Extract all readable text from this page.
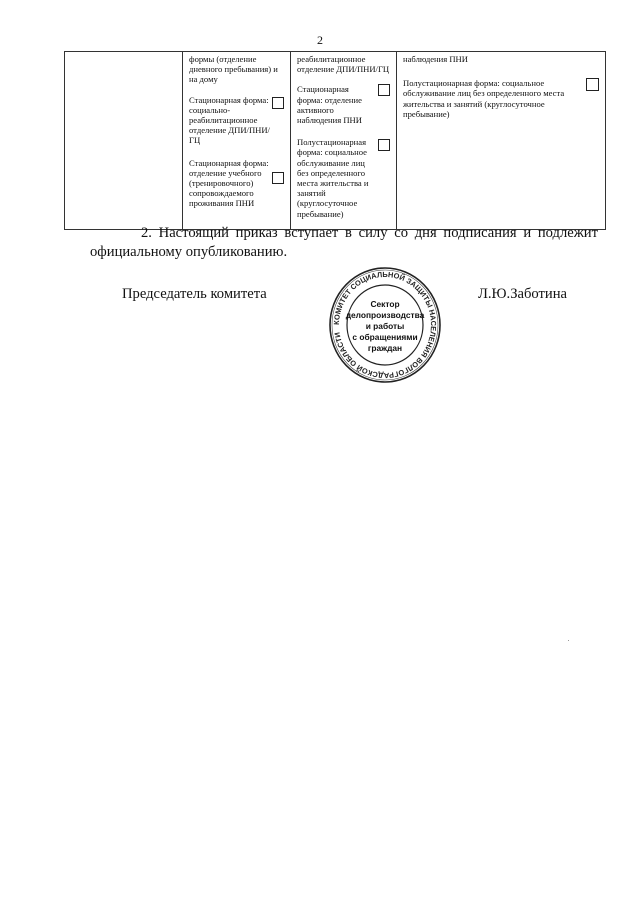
2

формы (отделение дневного пребывания) и на дому
Стационарная форма: социально-реабилитационное отделение ДПИ/ПНИ/ГЦ
Стационарная форма: отделение учебного (тренировочного) сопровождаемого проживания ПНИ

реабилитационное отделение ДПИ/ПНИ/ГЦ
Стационарная форма: отделение активного наблюдения ПНИ
Полустационарная форма: социальное обслуживание лиц без определенного места жительства и занятий (круглосуточное пребывание)

наблюдения ПНИ
Полустационарная форма: социальное обслуживание лиц без определенного места жительства и занятий (круглосуточное пребывание)
2. Настоящий приказ вступает в силу со дня подписания и подлежит официальному опубликованию.
Председатель комитета
КОМИТЕТ СОЦИАЛЬНОЙ ЗАЩИТЫ НАСЕЛЕНИЯ ВОЛГОГРАДСКОЙ ОБЛАСТИ
Сектор
делопроизводства
и работы
с обращениями
граждан
Л.Ю.Заботина
